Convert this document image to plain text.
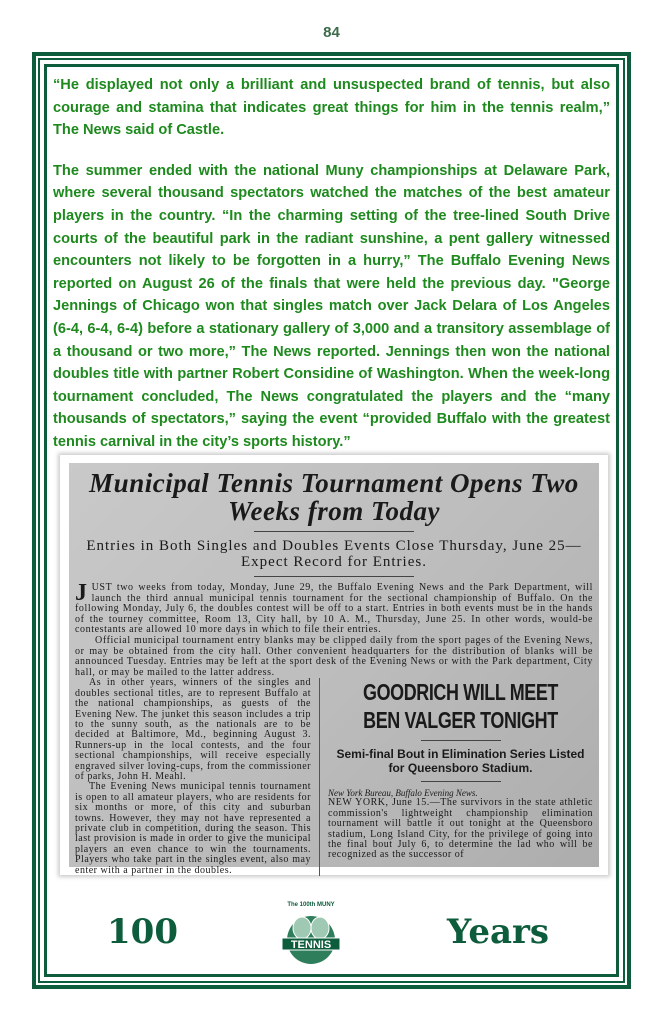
84

“He displayed not only a brilliant and unsuspected brand of tennis, but also courage and stamina that indicates great things for him in the tennis realm,” The News said of Castle.

The summer ended with the national Muny championships at Delaware Park, where several thousand spectators watched the matches of the best amateur players in the country. “In the charming setting of the tree-lined South Drive courts of the beautiful park in the radiant sunshine, a pent gallery witnessed encounters not likely to be forgotten in a hurry,” The Buffalo Evening News reported on August 26 of the finals that were held the previous day. "George Jennings of Chicago won that singles match over Jack Delara of Los Angeles (6-4, 6-4, 6-4) before a stationary gallery of 3,000 and a transitory assemblage of a thousand or two more,” The News reported. Jennings then won the national doubles title with partner Robert Considine of Washington. When the week-long tournament concluded, The News congratulated the players and the “many thousands of spectators,” saying the event “provided Buffalo with the greatest tennis carnival in the city’s sports history.”

Municipal Tennis Tournament Opens Two Weeks from Today
Entries in Both Singles and Doubles Events Close Thursday, June 25—Expect Record for Entries.
J UST two weeks from today, Monday, June 29, the Buffalo Evening News and the Park Department, will launch the third annual municipal tennis tournament for the sectional championship of Buffalo. On the following Monday, July 6, the doubles contest will be off to a start. Entries in both events must be in the hands of the tourney committee, Room 13, City hall, by 10 A. M., Thursday, June 25. In other words, would-be contestants are allowed 10 more days in which to file their entries.
Official municipal tournament entry blanks may be clipped daily from the sport pages of the Evening News, or may be obtained from the city hall. Other convenient headquarters for the distribution of blanks will be announced Tuesday. Entries may be left at the sport desk of the Evening News or with the Park department, City hall, or may be mailed to the latter address.
As in other years, winners of the singles and doubles sectional titles, are to represent Buffalo at the national championships, as guests of the Evening New. The junket this season includes a trip to the sunny south, as the nationals are to be decided at Baltimore, Md., beginning August 3. Runners-up in the local contests, and the four sectional championships, will receive especially engraved silver loving-cups, from the commissioner of parks, John H. Meahl.
The Evening News municipal tennis tournament is open to all amateur players, who are residents for six months or more, of this city and suburban towns. However, they may not have represented a private club in competition, during the season. This last provision is made in order to give the municipal players an even chance to win the tournaments. Players who take part in the singles event, also may enter with a partner in the doubles.
GOODRICH WILL MEET BEN VALGER TONIGHT
Semi-final Bout in Elimination Series Listed for Queensboro Stadium.
New York Bureau, Buffalo Evening News.
NEW YORK, June 15.—The survivors in the state athletic commission's lightweight championship elimination tournament will battle it out tonight at the Queensboro stadium, Long Island City, for the privilege of going into the final bout July 6, to determine the lad who will be recognized as the successor of
100
The 100th MUNY
TENNIS	Years
